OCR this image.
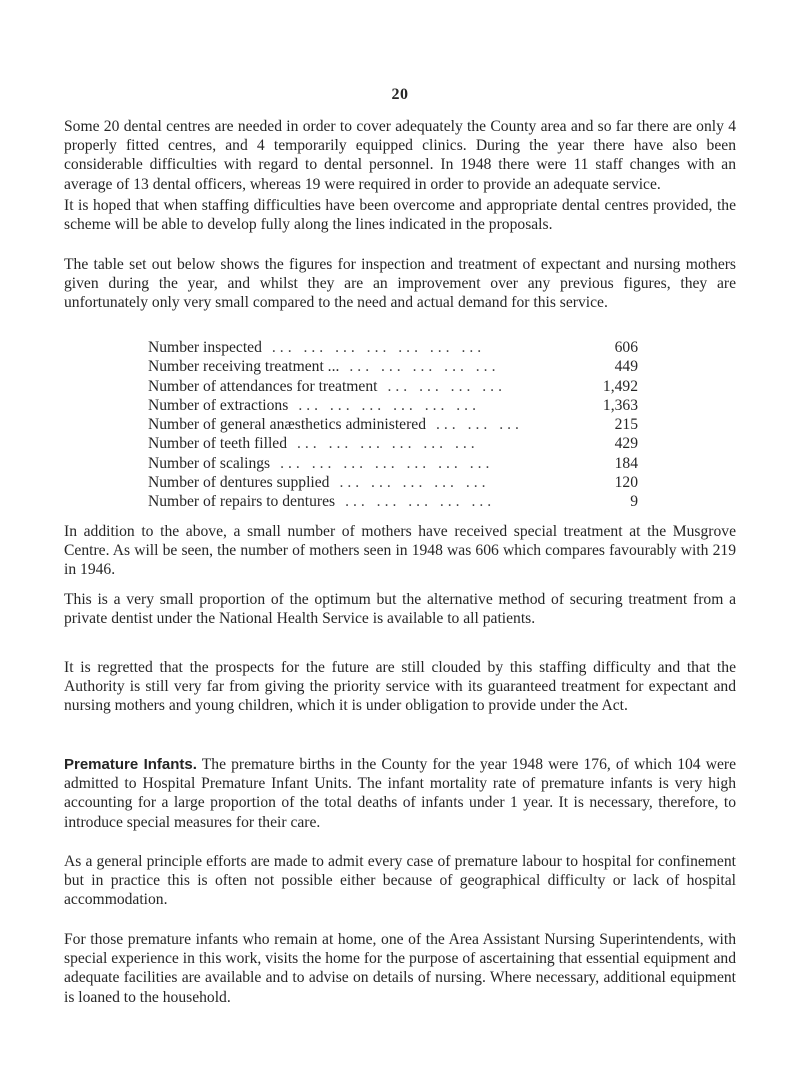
20

Some 20 dental centres are needed in order to cover adequately the County area and so far there are only 4 properly fitted centres, and 4 temporarily equipped clinics. During the year there have also been considerable difficulties with regard to dental personnel. In 1948 there were 11 staff changes with an average of 13 dental officers, whereas 19 were required in order to provide an adequate service.

It is hoped that when staffing difficulties have been overcome and appropriate dental centres provided, the scheme will be able to develop fully along the lines indicated in the proposals.

The table set out below shows the figures for inspection and treatment of expectant and nursing mothers given during the year, and whilst they are an improvement over any previous figures, they are unfortunately only very small compared to the need and actual demand for this service.

Number inspected ... ... ... ... ... ... ...	606
Number receiving treatment ... ... ... ... ... ...	449
Number of attendances for treatment ... ... ... ...	1,492
Number of extractions ... ... ... ... ... ...	1,363
Number of general anæsthetics administered ... ... ...	215
Number of teeth filled ... ... ... ... ... ...	429
Number of scalings ... ... ... ... ... ... ...	184
Number of dentures supplied ... ... ... ... ...	120
Number of repairs to dentures ... ... ... ... ...	9

In addition to the above, a small number of mothers have received special treatment at the Musgrove Centre. As will be seen, the number of mothers seen in 1948 was 606 which compares favourably with 219 in 1946.

This is a very small proportion of the optimum but the alternative method of securing treatment from a private dentist under the National Health Service is available to all patients.

It is regretted that the prospects for the future are still clouded by this staffing difficulty and that the Authority is still very far from giving the priority service with its guaranteed treatment for expectant and nursing mothers and young children, which it is under obligation to provide under the Act.

Premature Infants. The premature births in the County for the year 1948 were 176, of which 104 were admitted to Hospital Premature Infant Units. The infant mortality rate of premature infants is very high accounting for a large proportion of the total deaths of infants under 1 year. It is necessary, therefore, to introduce special measures for their care.

As a general principle efforts are made to admit every case of premature labour to hospital for confinement but in practice this is often not possible either because of geographical difficulty or lack of hospital accommodation.

For those premature infants who remain at home, one of the Area Assistant Nursing Superintendents, with special experience in this work, visits the home for the purpose of ascertaining that essential equipment and adequate facilities are available and to advise on details of nursing. Where necessary, additional equipment is loaned to the household.
